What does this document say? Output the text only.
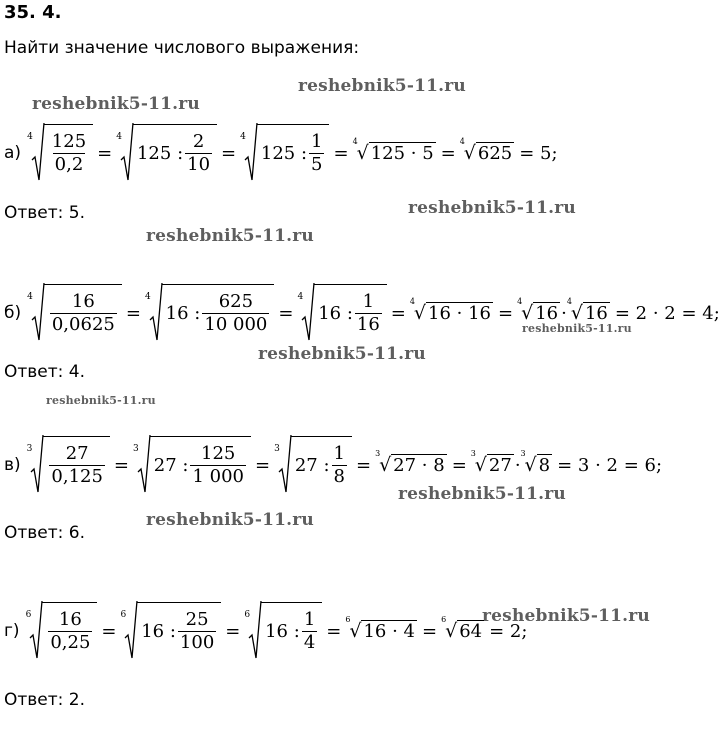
35. 4.
Найти значение числового выражения:
reshebnik5-11.ru
reshebnik5-11.ru
reshebnik5-11.ru
reshebnik5-11.ru
reshebnik5-11.ru
reshebnik5-11.ru
reshebnik5-11.ru
reshebnik5-11.ru
reshebnik5-11.ru
reshebnik5-11.ru
а)
$4 \frac{125}{0,2}$ =
4
125 : $\frac{2}{10}$ =
4
125 : $\frac{1}{5}$ =
4
√ 125 · 5 =
4
√ 625 = 5;
Ответ: 5.
б)
$4 \frac{16}{0,0625}$ =
4
16 : $\frac{625}{10 000}$ =
4
16 : $\frac{1}{16}$ =
4
√ 16 · 16 =
4
√ 16 ·
4
√ 16 = 2 · 2 = 4;
Ответ: 4.
в)
$3 \frac{27}{0,125}$ =
3
27 : $\frac{125}{1 000}$ =
3
27 : $\frac{1}{8}$ =
3
√ 27 · 8 =
3
√ 27 ·
3
√ 8 = 3 · 2 = 6;
Ответ: 6.
г)
$6 \frac{16}{0,25}$ =
6
16 : $\frac{25}{100}$ =
6
16 : $\frac{1}{4}$ =
6
√ 16 · 4 =
6
√ 64 = 2;
Ответ: 2.
